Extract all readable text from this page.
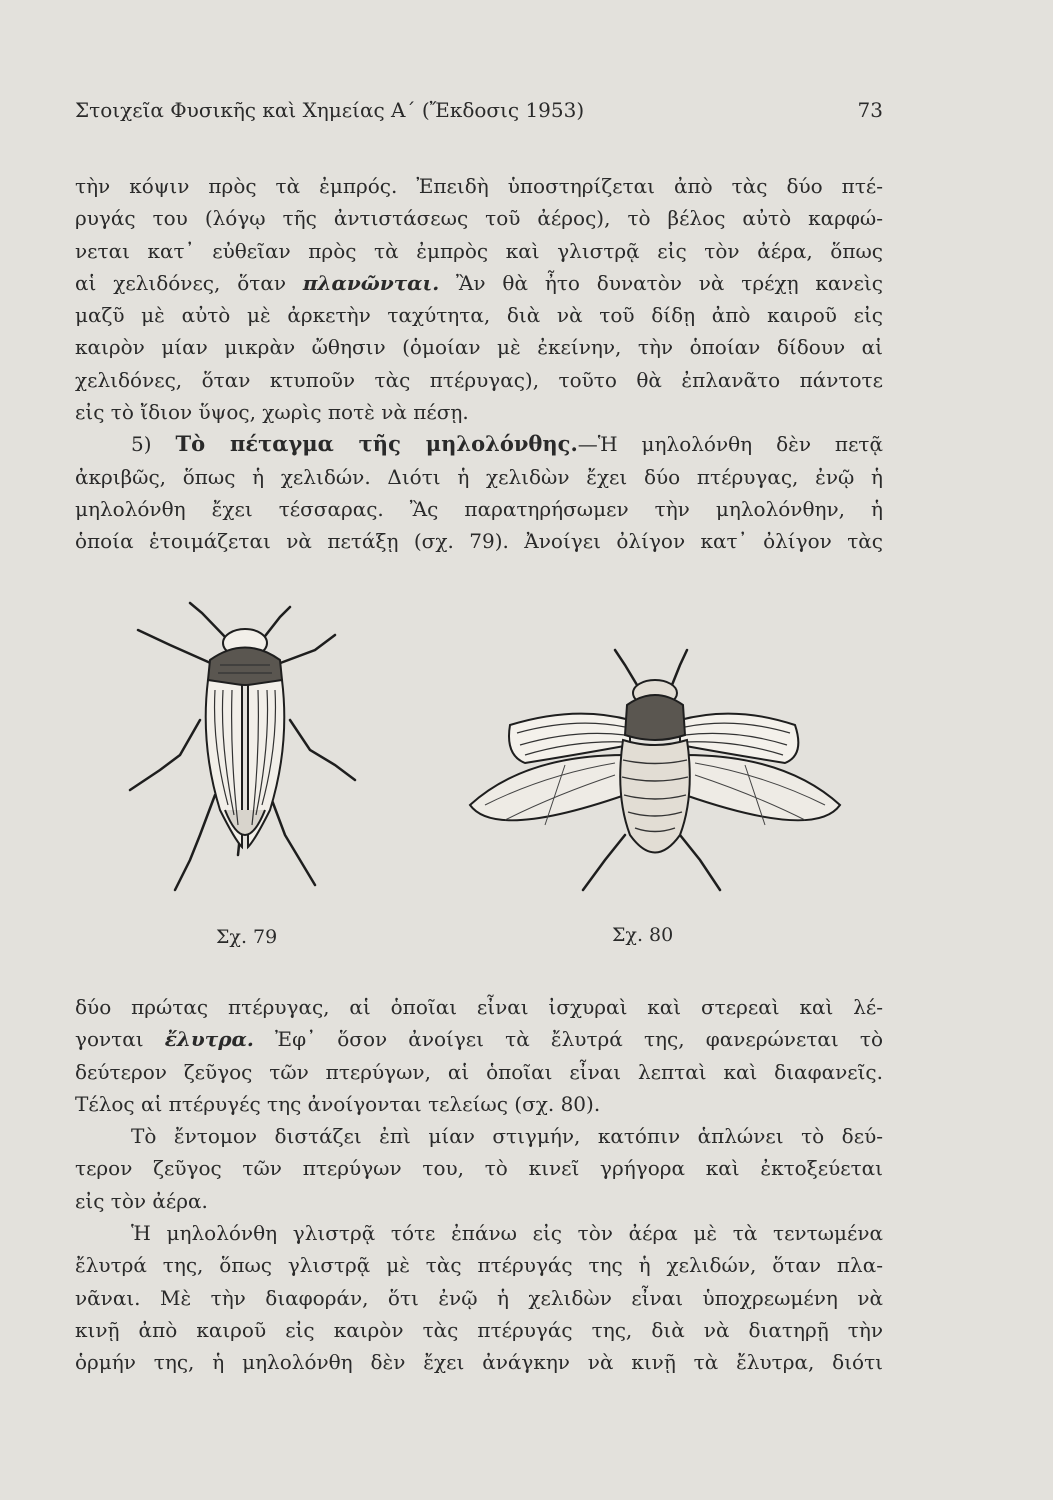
Στοιχεῖα Φυσικῆς καὶ Χημείας Α΄ (Ἔκδοσις 1953)	73
τὴν κόψιν πρὸς τὰ ἐμπρός. Ἐπειδὴ ὑποστηρίζεται ἀπὸ τὰς δύο πτέ-
ρυγάς του (λόγῳ τῆς ἀντιστάσεως τοῦ ἀέρος), τὸ βέλος αὐτὸ καρφώ-
νεται κατ᾽ εὐθεῖαν πρὸς τὰ ἐμπρὸς καὶ γλιστρᾷ εἰς τὸν ἀέρα, ὅπως
αἱ χελιδόνες, ὅταν πλανῶνται. Ἂν θὰ ἦτο δυνατὸν νὰ τρέχῃ κανεὶς
μαζῦ μὲ αὐτὸ μὲ ἀρκετὴν ταχύτητα, διὰ νὰ τοῦ δίδῃ ἀπὸ καιροῦ εἰς
καιρὸν μίαν μικρὰν ὤθησιν (ὁμοίαν μὲ ἐκείνην, τὴν ὁποίαν δίδουν αἱ
χελιδόνες, ὅταν κτυποῦν τὰς πτέρυγας), τοῦτο θὰ ἐπλανᾶτο πάντοτε
εἰς τὸ ἴδιον ὕψος, χωρὶς ποτὲ νὰ πέσῃ.
5) Τὸ πέταγμα τῆς μηλολόνθης.—Ἡ μηλολόνθη δὲν πετᾷ
ἀκριβῶς, ὅπως ἡ χελιδών. Διότι ἡ χελιδὼν ἔχει δύο πτέρυγας, ἐνῷ ἡ
μηλολόνθη ἔχει τέσσαρας. Ἂς παρατηρήσωμεν τὴν μηλολόνθην, ἡ
ὁποία ἑτοιμάζεται νὰ πετάξῃ (σχ. 79). Ἀνοίγει ὀλίγον κατ᾽ ὀλίγον τὰς
Σχ. 79	Σχ. 80
δύο πρώτας πτέρυγας, αἱ ὁποῖαι εἶναι ἰσχυραὶ καὶ στερεαὶ καὶ λέ-
γονται ἔλυτρα. Ἐφ᾽ ὅσον ἀνοίγει τὰ ἔλυτρά της, φανερώνεται τὸ
δεύτερον ζεῦγος τῶν πτερύγων, αἱ ὁποῖαι εἶναι λεπταὶ καὶ διαφανεῖς.
Τέλος αἱ πτέρυγές της ἀνοίγονται τελείως (σχ. 80).
Τὸ ἔντομον διστάζει ἐπὶ μίαν στιγμήν, κατόπιν ἁπλώνει τὸ δεύ-
τερον ζεῦγος τῶν πτερύγων του, τὸ κινεῖ γρήγορα καὶ ἐκτοξεύεται
εἰς τὸν ἀέρα.
Ἡ μηλολόνθη γλιστρᾷ τότε ἐπάνω εἰς τὸν ἀέρα μὲ τὰ τεντωμένα
ἔλυτρά της, ὅπως γλιστρᾷ μὲ τὰς πτέρυγάς της ἡ χελιδών, ὅταν πλα-
νᾶναι. Μὲ τὴν διαφοράν, ὅτι ἐνῷ ἡ χελιδὼν εἶναι ὑποχρεωμένη νὰ
κινῇ ἀπὸ καιροῦ εἰς καιρὸν τὰς πτέρυγάς της, διὰ νὰ διατηρῇ τὴν
ὁρμήν της, ἡ μηλολόνθη δὲν ἔχει ἀνάγκην νὰ κινῇ τὰ ἔλυτρα, διότι
